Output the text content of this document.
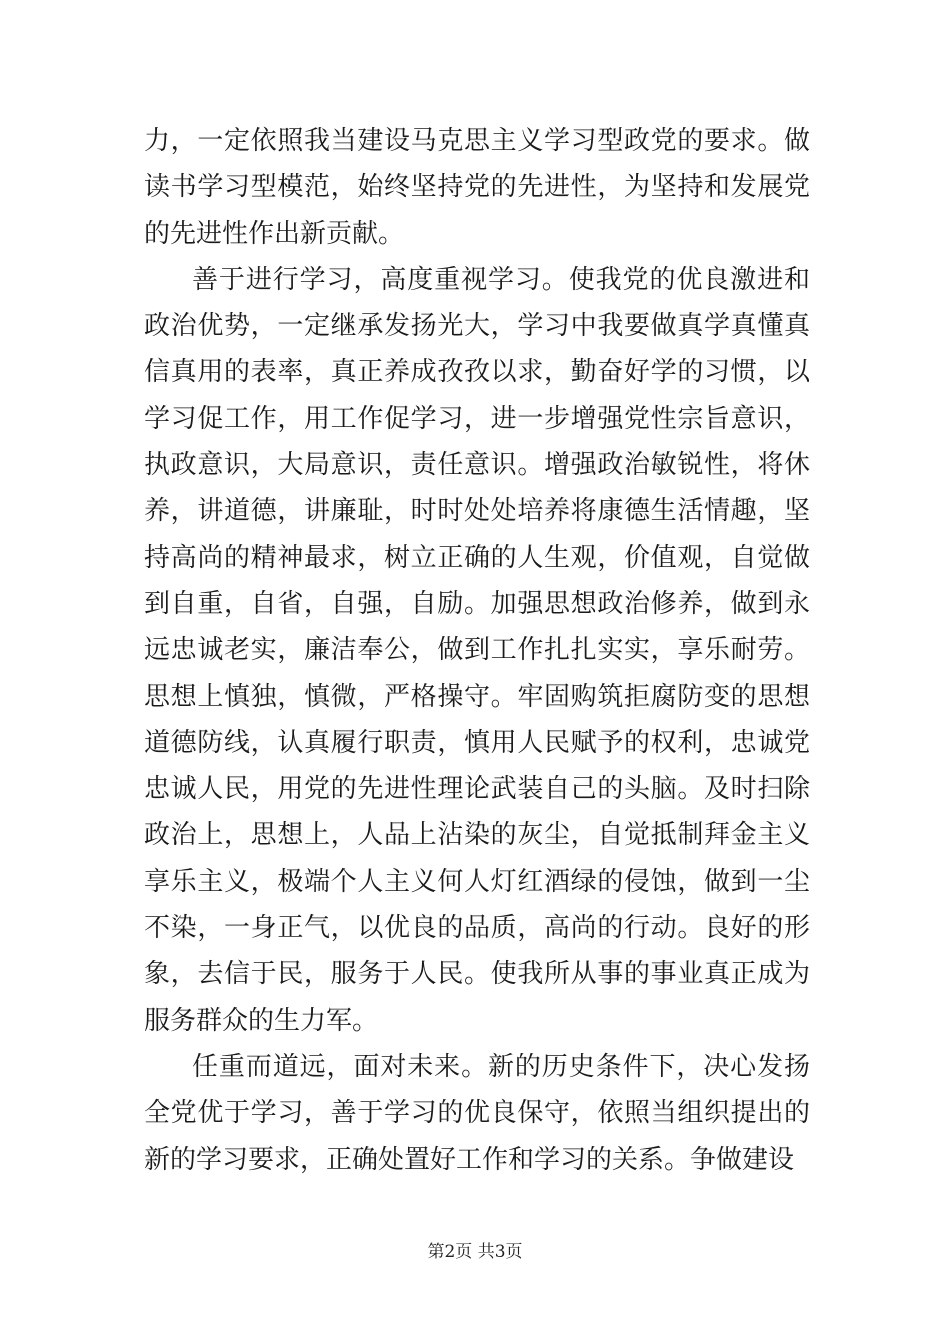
力，一定依照我当建设马克思主义学习型政党的要求。做
读书学习型模范，始终坚持党的先进性，为坚持和发展党
的先进性作出新贡献。
善于进行学习，高度重视学习。使我党的优良激进和
政治优势，一定继承发扬光大，学习中我要做真学真懂真
信真用的表率，真正养成孜孜以求，勤奋好学的习惯，以
学习促工作，用工作促学习，进一步增强党性宗旨意识，
执政意识，大局意识，责任意识。增强政治敏锐性，将休
养，讲道德，讲廉耻，时时处处培养将康德生活情趣，坚
持高尚的精神最求，树立正确的人生观，价值观，自觉做
到自重，自省，自强，自励。加强思想政治修养，做到永
远忠诚老实，廉洁奉公，做到工作扎扎实实，享乐耐劳。
思想上慎独，慎微，严格操守。牢固购筑拒腐防变的思想
道德防线，认真履行职责，慎用人民赋予的权利，忠诚党
忠诚人民，用党的先进性理论武装自己的头脑。及时扫除
政治上，思想上，人品上沾染的灰尘，自觉抵制拜金主义
享乐主义，极端个人主义何人灯红酒绿的侵蚀，做到一尘
不染，一身正气，以优良的品质，高尚的行动。良好的形
象，去信于民，服务于人民。使我所从事的事业真正成为
服务群众的生力军。
任重而道远，面对未来。新的历史条件下，决心发扬
全党优于学习，善于学习的优良保守，依照当组织提出的
新的学习要求，正确处置好工作和学习的关系。争做建设
第2页 共3页
